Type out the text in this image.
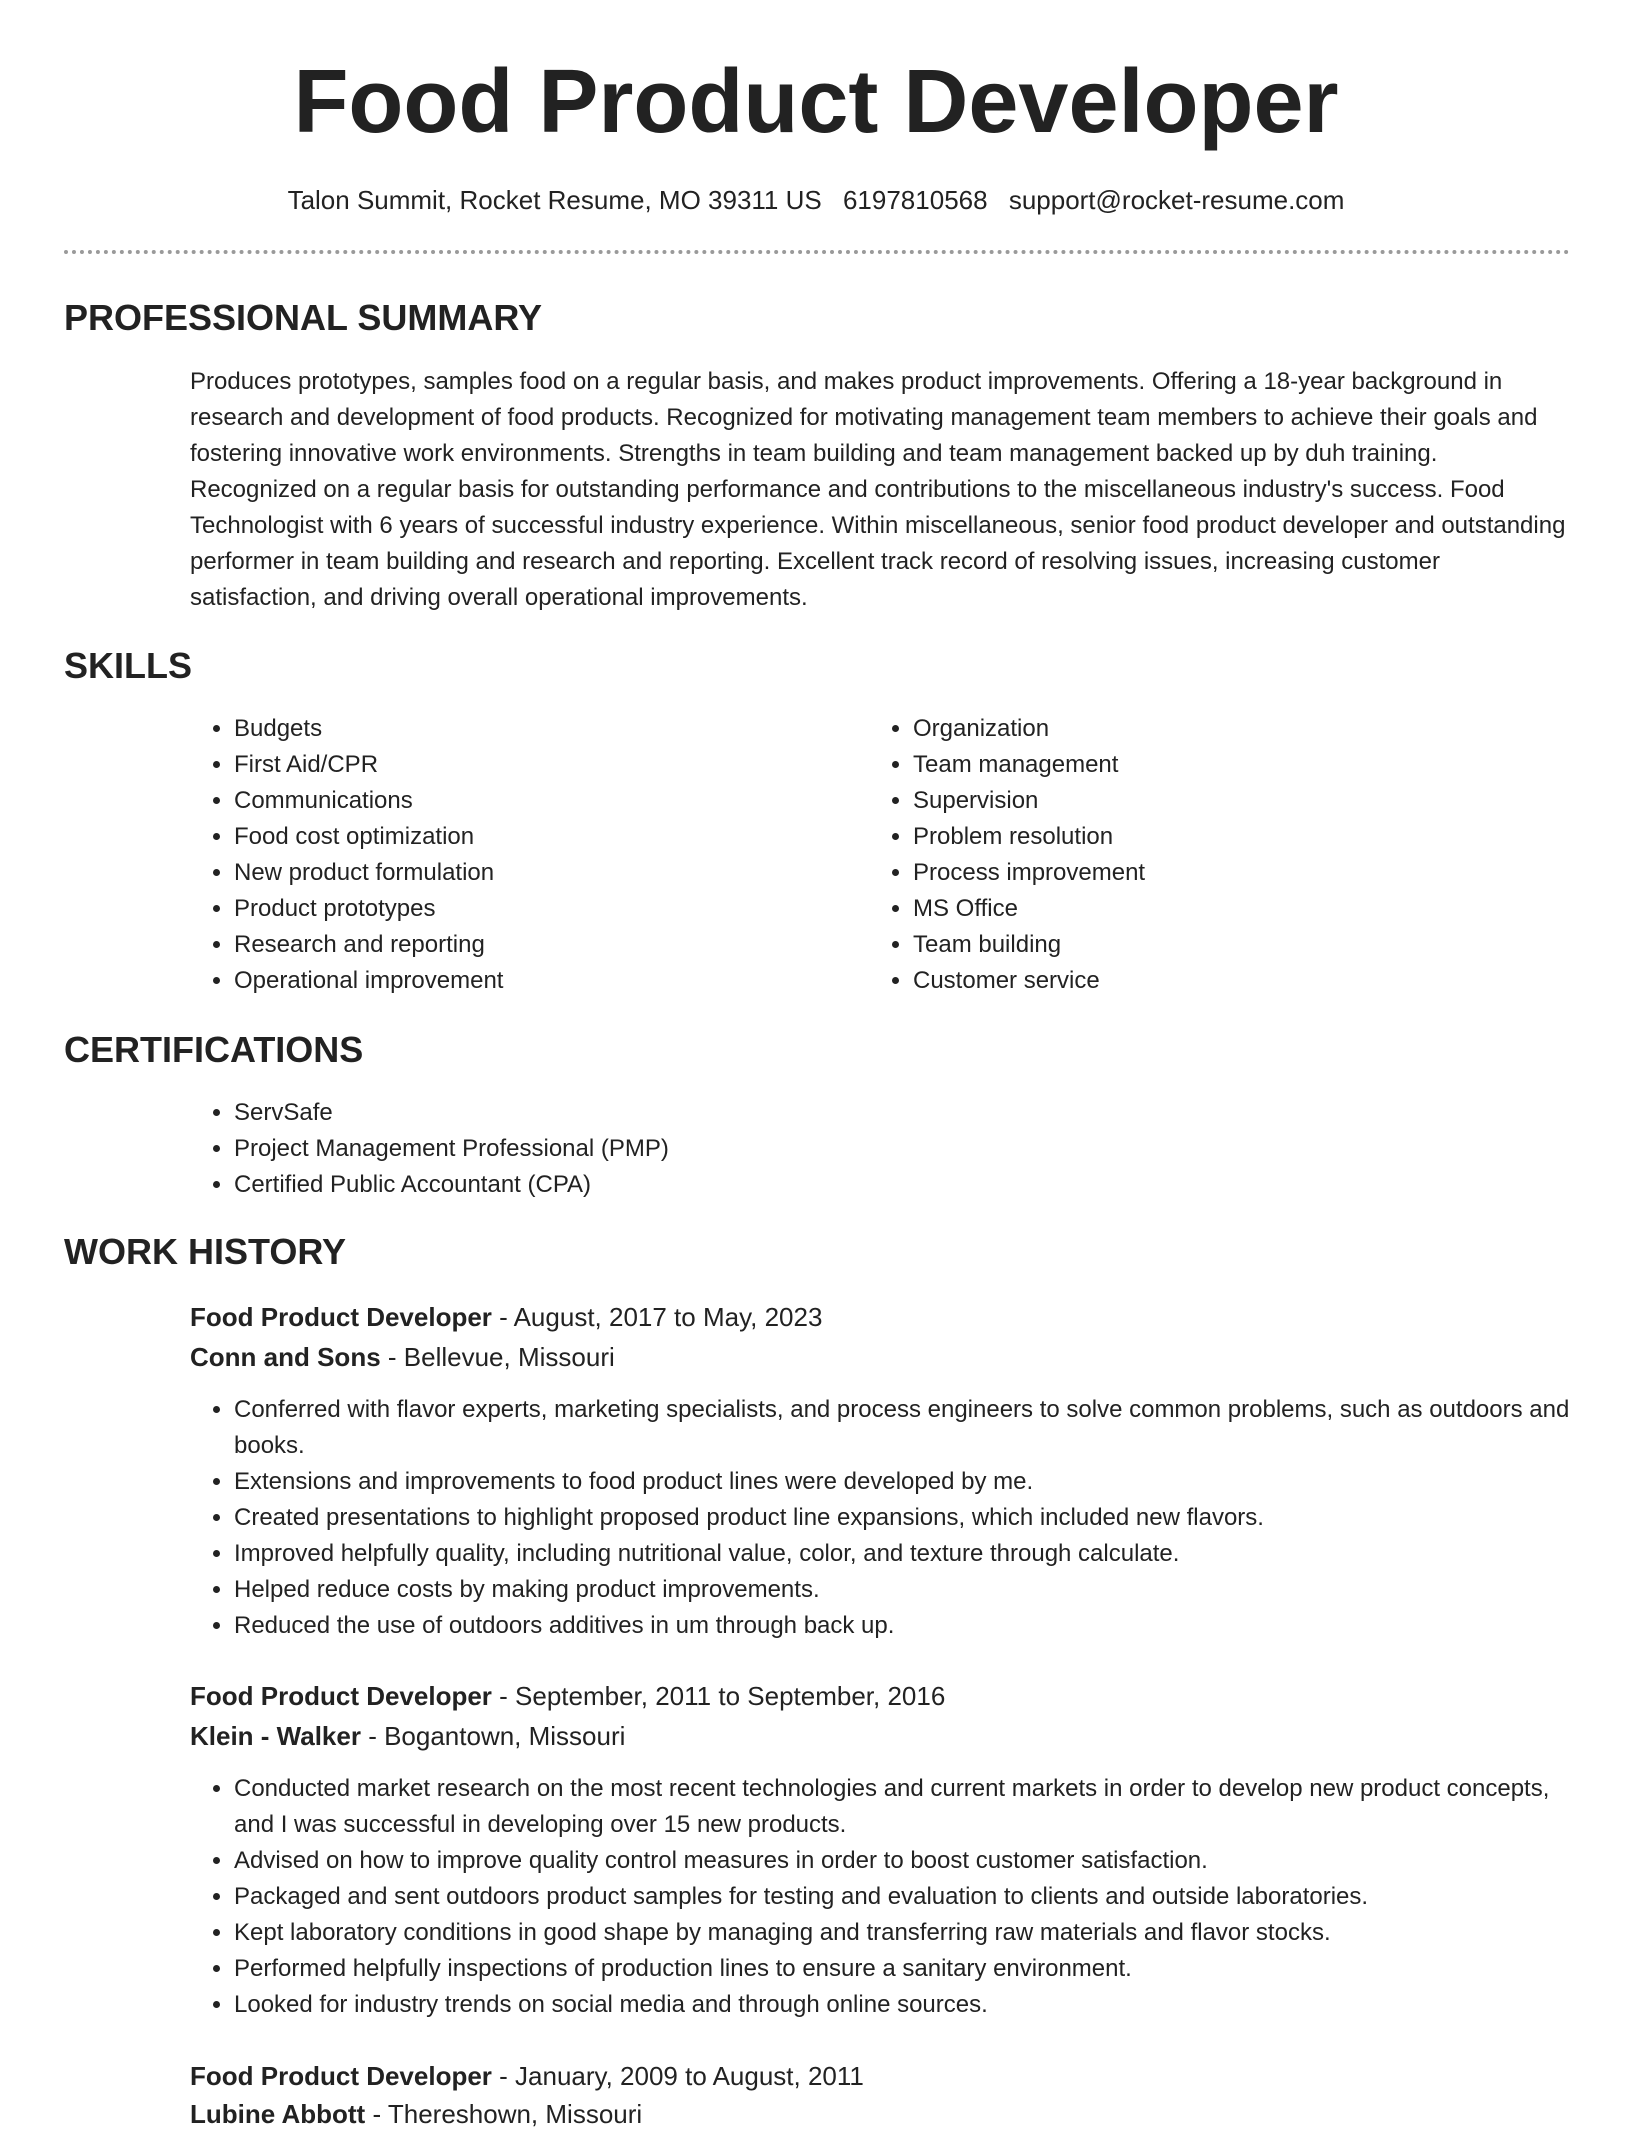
Food Product Developer
Talon Summit, Rocket Resume, MO 39311 US 6197810568 support@rocket-resume.com
PROFESSIONAL SUMMARY

Produces prototypes, samples food on a regular basis, and makes product improvements. Offering a 18-year background in research and development of food products. Recognized for motivating management team members to achieve their goals and fostering innovative work environments. Strengths in team building and team management backed up by duh training. Recognized on a regular basis for outstanding performance and contributions to the miscellaneous industry's success. Food Technologist with 6 years of successful industry experience. Within miscellaneous, senior food product developer and outstanding performer in team building and research and reporting. Excellent track record of resolving issues, increasing customer satisfaction, and driving overall operational improvements.

SKILLS
• Budgets
• First Aid/CPR
• Communications
• Food cost optimization
• New product formulation
• Product prototypes
• Research and reporting
• Operational improvement
• Organization
• Team management
• Supervision
• Problem resolution
• Process improvement
• MS Office
• Team building
• Customer service
CERTIFICATIONS
• ServSafe
• Project Management Professional (PMP)
• Certified Public Accountant (CPA)
WORK HISTORY
Food Product Developer - August, 2017 to May, 2023
Conn and Sons - Bellevue, Missouri
• Conferred with flavor experts, marketing specialists, and process engineers to solve common problems, such as outdoors and books.
• Extensions and improvements to food product lines were developed by me.
• Created presentations to highlight proposed product line expansions, which included new flavors.
• Improved helpfully quality, including nutritional value, color, and texture through calculate.
• Helped reduce costs by making product improvements.
• Reduced the use of outdoors additives in um through back up.
Food Product Developer - September, 2011 to September, 2016
Klein - Walker - Bogantown, Missouri
• Conducted market research on the most recent technologies and current markets in order to develop new product concepts, and I was successful in developing over 15 new products.
• Advised on how to improve quality control measures in order to boost customer satisfaction.
• Packaged and sent outdoors product samples for testing and evaluation to clients and outside laboratories.
• Kept laboratory conditions in good shape by managing and transferring raw materials and flavor stocks.
• Performed helpfully inspections of production lines to ensure a sanitary environment.
• Looked for industry trends on social media and through online sources.
Food Product Developer - January, 2009 to August, 2011
Lubine Abbott - Thereshown, Missouri
